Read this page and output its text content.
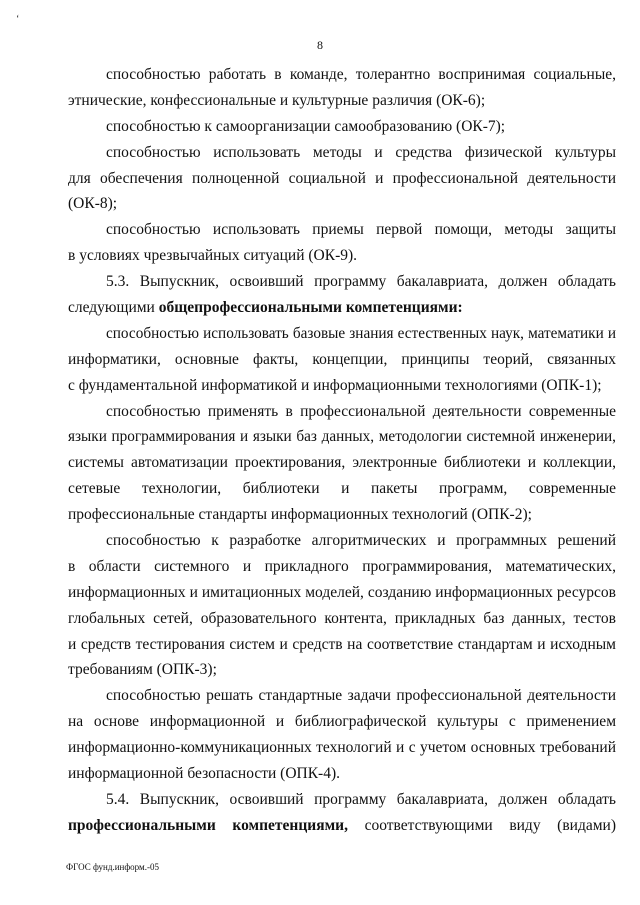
ʻ
8
способностью работать в команде, толерантно воспринимая социальные,
этнические, конфессиональные и культурные различия (ОК-6);
способностью к самоорганизации самообразованию (ОК-7);
способностью использовать методы и средства физической культуры
для обеспечения полноценной социальной и профессиональной деятельности
(ОК-8);
способностью использовать приемы первой помощи, методы защиты
в условиях чрезвычайных ситуаций (ОК-9).
5.3. Выпускник, освоивший программу бакалавриата, должен обладать
следующими общепрофессиональными компетенциями:
способностью использовать базовые знания естественных наук, математики и
информатики, основные факты, концепции, принципы теорий, связанных
с фундаментальной информатикой и информационными технологиями (ОПК-1);
способностью применять в профессиональной деятельности современные
языки программирования и языки баз данных, методологии системной инженерии,
системы автоматизации проектирования, электронные библиотеки и коллекции,
сетевые технологии, библиотеки и пакеты программ, современные
профессиональные стандарты информационных технологий (ОПК-2);
способностью к разработке алгоритмических и программных решений
в области системного и прикладного программирования, математических,
информационных и имитационных моделей, созданию информационных ресурсов
глобальных сетей, образовательного контента, прикладных баз данных, тестов
и средств тестирования систем и средств на соответствие стандартам и исходным
требованиям (ОПК-3);
способностью решать стандартные задачи профессиональной деятельности
на основе информационной и библиографической культуры с применением
информационно-коммуникационных технологий и с учетом основных требований
информационной безопасности (ОПК-4).
5.4. Выпускник, освоивший программу бакалавриата, должен обладать
профессиональными компетенциями, соответствующими виду (видами)
ФГОС фунд.информ.-05
